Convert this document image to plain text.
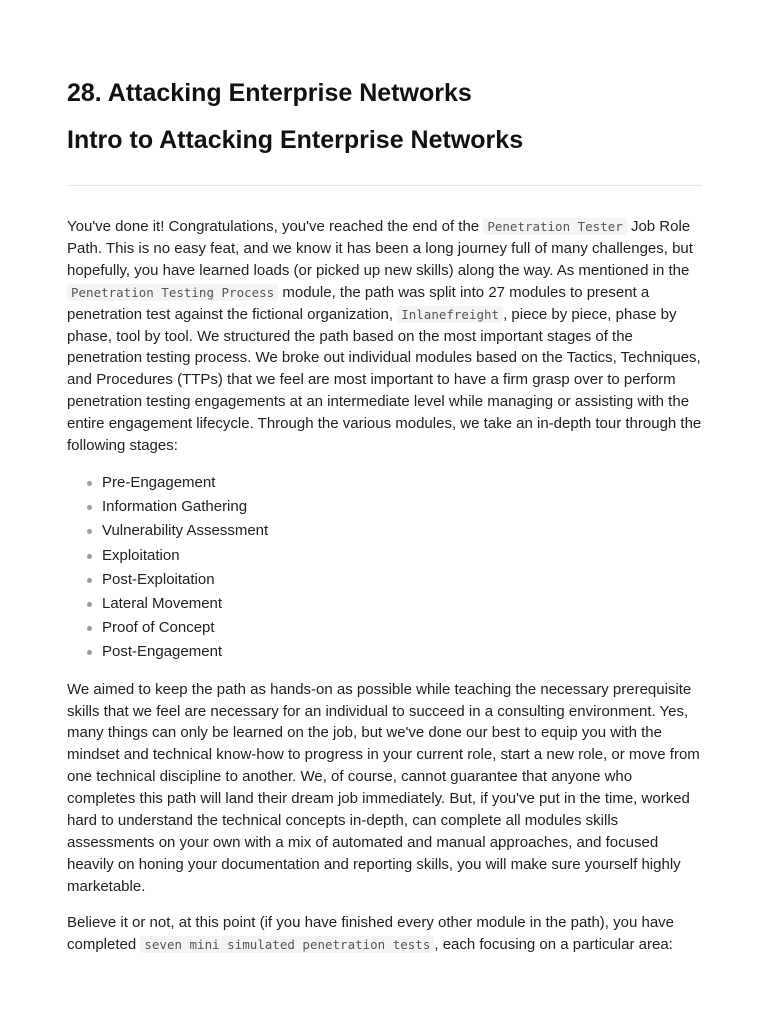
28. Attacking Enterprise Networks
Intro to Attacking Enterprise Networks

You've done it! Congratulations, you've reached the end of the Penetration Tester Job Role Path. This is no easy feat, and we know it has been a long journey full of many challenges, but hopefully, you have learned loads (or picked up new skills) along the way. As mentioned in the Penetration Testing Process module, the path was split into 27 modules to present a penetration test against the fictional organization, Inlanefreight , piece by piece, phase by phase, tool by tool. We structured the path based on the most important stages of the penetration testing process. We broke out individual modules based on the Tactics, Techniques, and Procedures (TTPs) that we feel are most important to have a firm grasp over to perform penetration testing engagements at an intermediate level while managing or assisting with the entire engagement lifecycle. Through the various modules, we take an in-depth tour through the following stages:

Pre-Engagement
Information Gathering
Vulnerability Assessment
Exploitation
Post-Exploitation
Lateral Movement
Proof of Concept
Post-Engagement

We aimed to keep the path as hands-on as possible while teaching the necessary prerequisite skills that we feel are necessary for an individual to succeed in a consulting environment. Yes, many things can only be learned on the job, but we've done our best to equip you with the mindset and technical know-how to progress in your current role, start a new role, or move from one technical discipline to another. We, of course, cannot guarantee that anyone who completes this path will land their dream job immediately. But, if you've put in the time, worked hard to understand the technical concepts in-depth, can complete all modules skills assessments on your own with a mix of automated and manual approaches, and focused heavily on honing your documentation and reporting skills, you will make sure yourself highly marketable.

Believe it or not, at this point (if you have finished every other module in the path), you have completed seven mini simulated penetration tests , each focusing on a particular area:
